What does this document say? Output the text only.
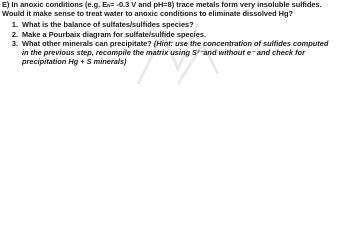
E) In anoxic conditions (e.g. Eₕ= -0.3 V and pH=8) trace metals form very insoluble sulfides.
Would it make sense to treat water to anoxic conditions to eliminate dissolved Hg?

1. What is the balance of sulfates/sulfides species?
2. Make a Pourbaix diagram for sulfate/sulfide species.
3. What other minerals can precipitate? (Hint: use the concentration of sulfides computed
in the previous step, recompile the matrix using S²⁻and without e⁻ and check for
precipitation Hg + S minerals)
